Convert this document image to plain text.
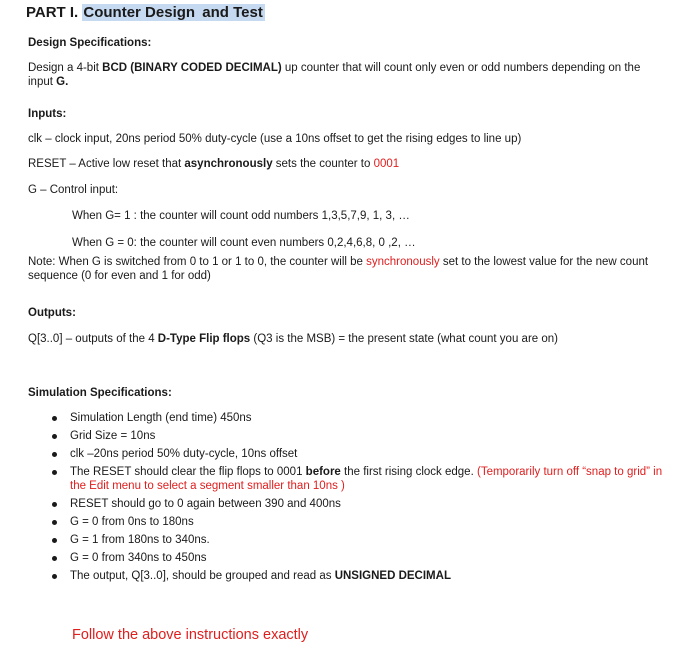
PART I. Counter Design and Test
Design Specifications:
Design a 4-bit BCD (BINARY CODED DECIMAL) up counter that will count only even or odd numbers depending on the input G.
Inputs:
clk – clock input, 20ns period 50% duty-cycle (use a 10ns offset to get the rising edges to line up)
RESET – Active low reset that asynchronously sets the counter to 0001
G – Control input:
When G= 1 : the counter will count odd numbers 1,3,5,7,9, 1, 3, …
When G = 0: the counter will count even numbers 0,2,4,6,8, 0 ,2, …
Note: When G is switched from 0 to 1 or 1 to 0, the counter will be synchronously set to the lowest value for the new count sequence (0 for even and 1 for odd)
Outputs:
Q[3..0] – outputs of the 4 D-Type Flip flops (Q3 is the MSB) = the present state (what count you are on)
Simulation Specifications:
Simulation Length (end time) 450ns
Grid Size = 10ns
clk –20ns period 50% duty-cycle, 10ns offset
The RESET should clear the flip flops to 0001 before the first rising clock edge. (Temporarily turn off “snap to grid” in the Edit menu to select a segment smaller than 10ns )
RESET should go to 0 again between 390 and 400ns
G = 0 from 0ns to 180ns
G = 1 from 180ns to 340ns.
G = 0 from 340ns to 450ns
The output, Q[3..0], should be grouped and read as UNSIGNED DECIMAL
Follow the above instructions exactly
